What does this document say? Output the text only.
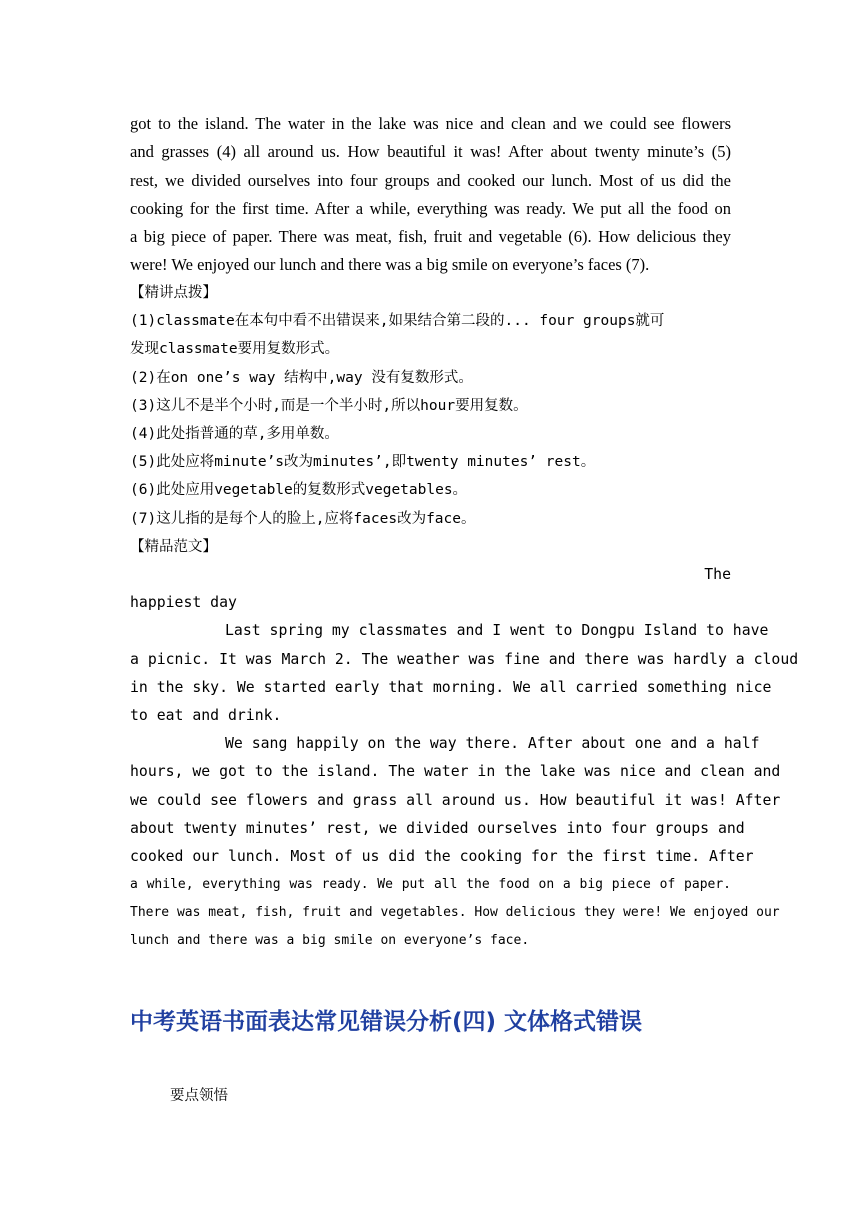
got to the island. The water in the lake was nice and clean and we could see flowers
and grasses (4) all around us. How beautiful it was! After about twenty minute’s (5)
rest, we divided ourselves into four groups and cooked our lunch. Most of us did the
cooking for the first time. After a while, everything was ready. We put all the food on
a big piece of paper. There was meat, fish, fruit and vegetable (6). How delicious they
were! We enjoyed our lunch and there was a big smile on everyone’s faces (7).
【精讲点拨】
(1)classmate在本句中看不出错误来,如果结合第二段的... four groups就可
发现classmate要用复数形式。
(2)在on one’s way 结构中,way 没有复数形式。
(3)这儿不是半个小时,而是一个半小时,所以hour要用复数。
(4)此处指普通的草,多用单数。
(5)此处应将minute’s改为minutes’,即twenty minutes’ rest。
(6)此处应用vegetable的复数形式vegetables。
(7)这儿指的是每个人的脸上,应将faces改为face。
【精品范文】
The
happiest day
Last spring my classmates and I went to Dongpu Island to have
a picnic. It was March 2. The weather was fine and there was hardly a cloud
in the sky. We started early that morning. We all carried something nice
to eat and drink.
We sang happily on the way there. After about one and a half
hours, we got to the island. The water in the lake was nice and clean and
we could see flowers and grass all around us. How beautiful it was! After
about twenty minutes’ rest, we divided ourselves into four groups and
cooked our lunch. Most of us did the cooking for the first time. After
a while, everything was ready. We put all the food on a big piece of paper.
There was meat, fish, fruit and vegetables. How delicious they were! We enjoyed our
lunch and there was a big smile on everyone’s face.
中考英语书面表达常见错误分析(四) 文体格式错误
要点领悟
